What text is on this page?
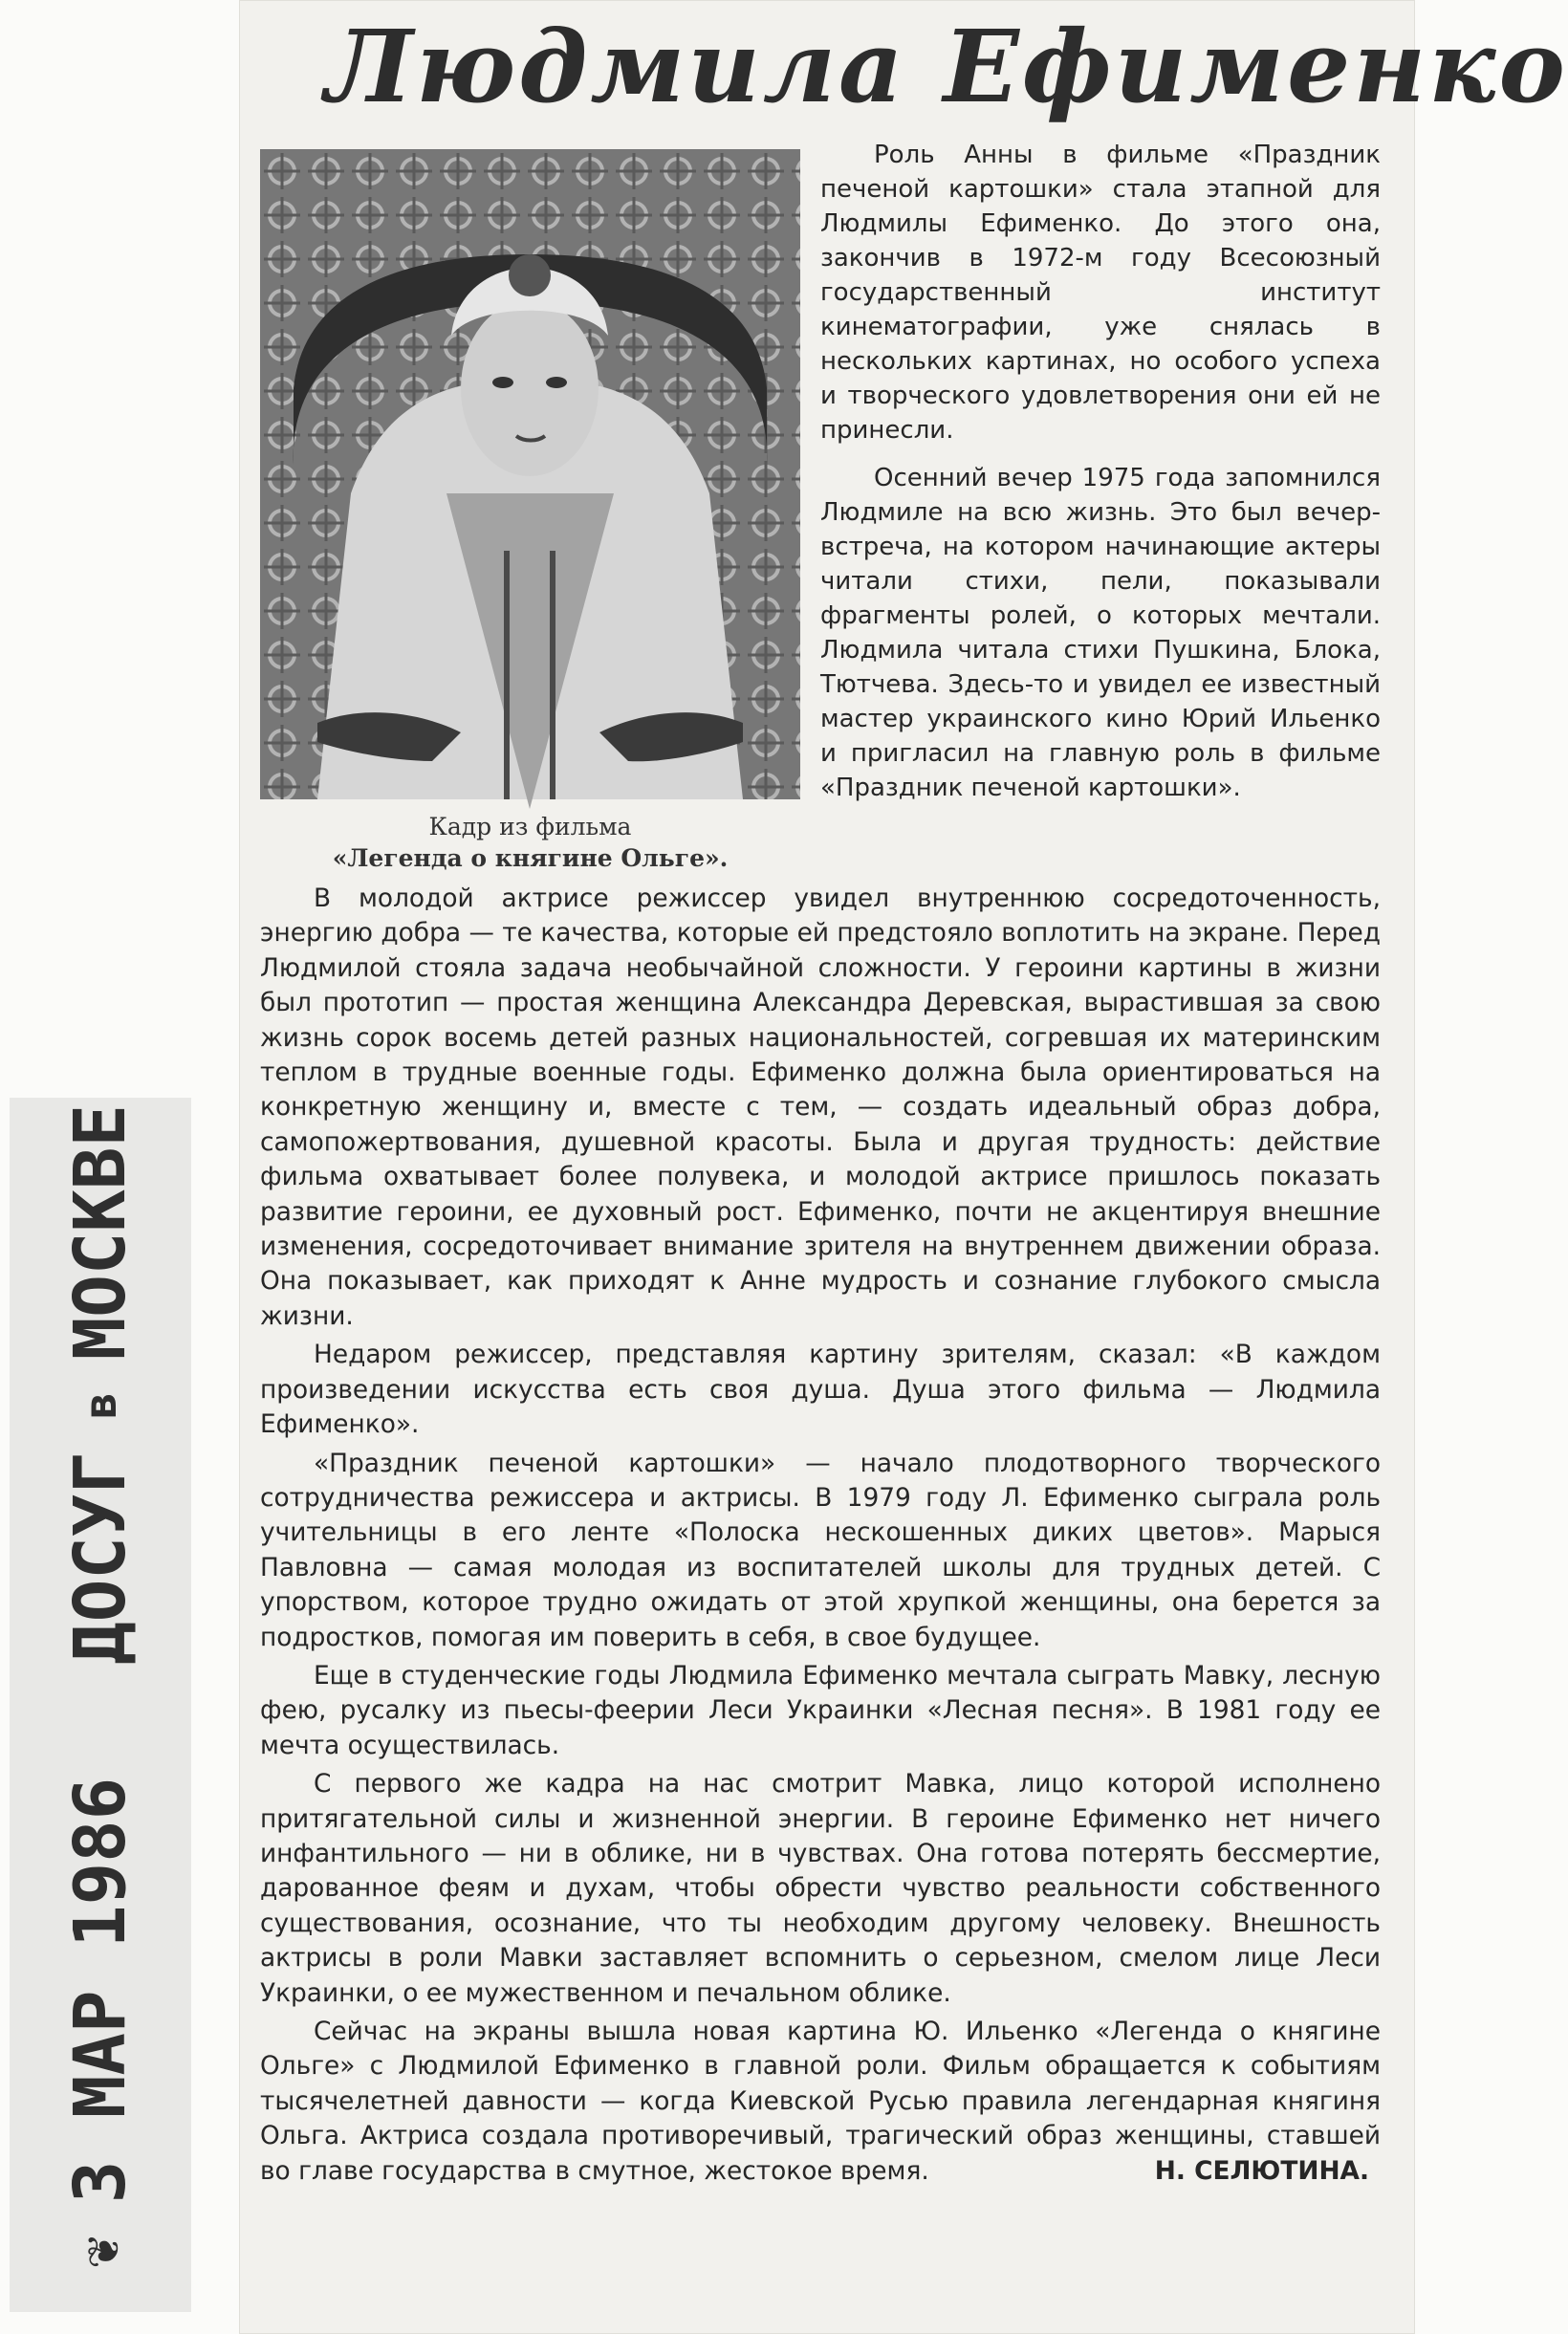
❦
3 МАР 1986
ДОСУГ
в
МОСКВЕ
Людмила Ефименко
Кадр из фильма
«Легенда о княгине Ольге».

Роль Анны в фильме «Праздник печеной картошки» стала этапной для Людмилы Ефименко. До этого она, закончив в 1972-м году Всесоюзный государственный институт кинематографии, уже снялась в нескольких картинах, но особого успеха и творческого удовлетворения они ей не принесли.

Осенний вечер 1975 года запомнился Людмиле на всю жизнь. Это был вечер-встреча, на котором начинающие актеры читали стихи, пели, показывали фрагменты ролей, о которых мечтали. Людмила читала стихи Пушкина, Блока, Тютчева. Здесь-то и увидел ее известный мастер украинского кино Юрий Ильенко и пригласил на главную роль в фильме «Праздник печеной картошки».

В молодой актрисе режиссер увидел внутреннюю сосредоточенность, энергию добра — те качества, которые ей предстояло воплотить на экране. Перед Людмилой стояла задача необычайной сложности. У героини картины в жизни был прототип — простая женщина Александра Деревская, вырастившая за свою жизнь сорок восемь детей разных национальностей, согревшая их материнским теплом в трудные военные годы. Ефименко должна была ориентироваться на конкретную женщину и, вместе с тем, — создать идеальный образ добра, самопожертвования, душевной красоты. Была и другая трудность: действие фильма охватывает более полувека, и молодой актрисе пришлось показать развитие героини, ее духовный рост. Ефименко, почти не акцентируя внешние изменения, сосредоточивает внимание зрителя на внутреннем движении образа. Она показывает, как приходят к Анне мудрость и сознание глубокого смысла жизни.

Недаром режиссер, представляя картину зрителям, сказал: «В каждом произведении искусства есть своя душа. Душа этого фильма — Людмила Ефименко».

«Праздник печеной картошки» — начало плодотворного творческого сотрудничества режиссера и актрисы. В 1979 году Л. Ефименко сыграла роль учительницы в его ленте «Полоска нескошенных диких цветов». Марыся Павловна — самая молодая из воспитателей школы для трудных детей. С упорством, которое трудно ожидать от этой хрупкой женщины, она берется за подростков, помогая им поверить в себя, в свое будущее.

Еще в студенческие годы Людмила Ефименко мечтала сыграть Мавку, лесную фею, русалку из пьесы-феерии Леси Украинки «Лесная песня». В 1981 году ее мечта осуществилась.

С первого же кадра на нас смотрит Мавка, лицо которой исполнено притягательной силы и жизненной энергии. В героине Ефименко нет ничего инфантильного — ни в облике, ни в чувствах. Она готова потерять бессмертие, дарованное феям и духам, чтобы обрести чувство реальности собственного существования, осознание, что ты необходим другому человеку. Внешность актрисы в роли Мавки заставляет вспомнить о серьезном, смелом лице Леси Украинки, о ее мужественном и печальном облике.

Сейчас на экраны вышла новая картина Ю. Ильенко «Легенда о княгине Ольге» с Людмилой Ефименко в главной роли. Фильм обращается к событиям тысячелетней давности — когда Киевской Русью правила легендарная княгиня Ольга. Актриса создала противоречивый, трагический образ женщины, ставшей во главе государства в смутное, жестокое время.	Н. СЕЛЮТИНА.
